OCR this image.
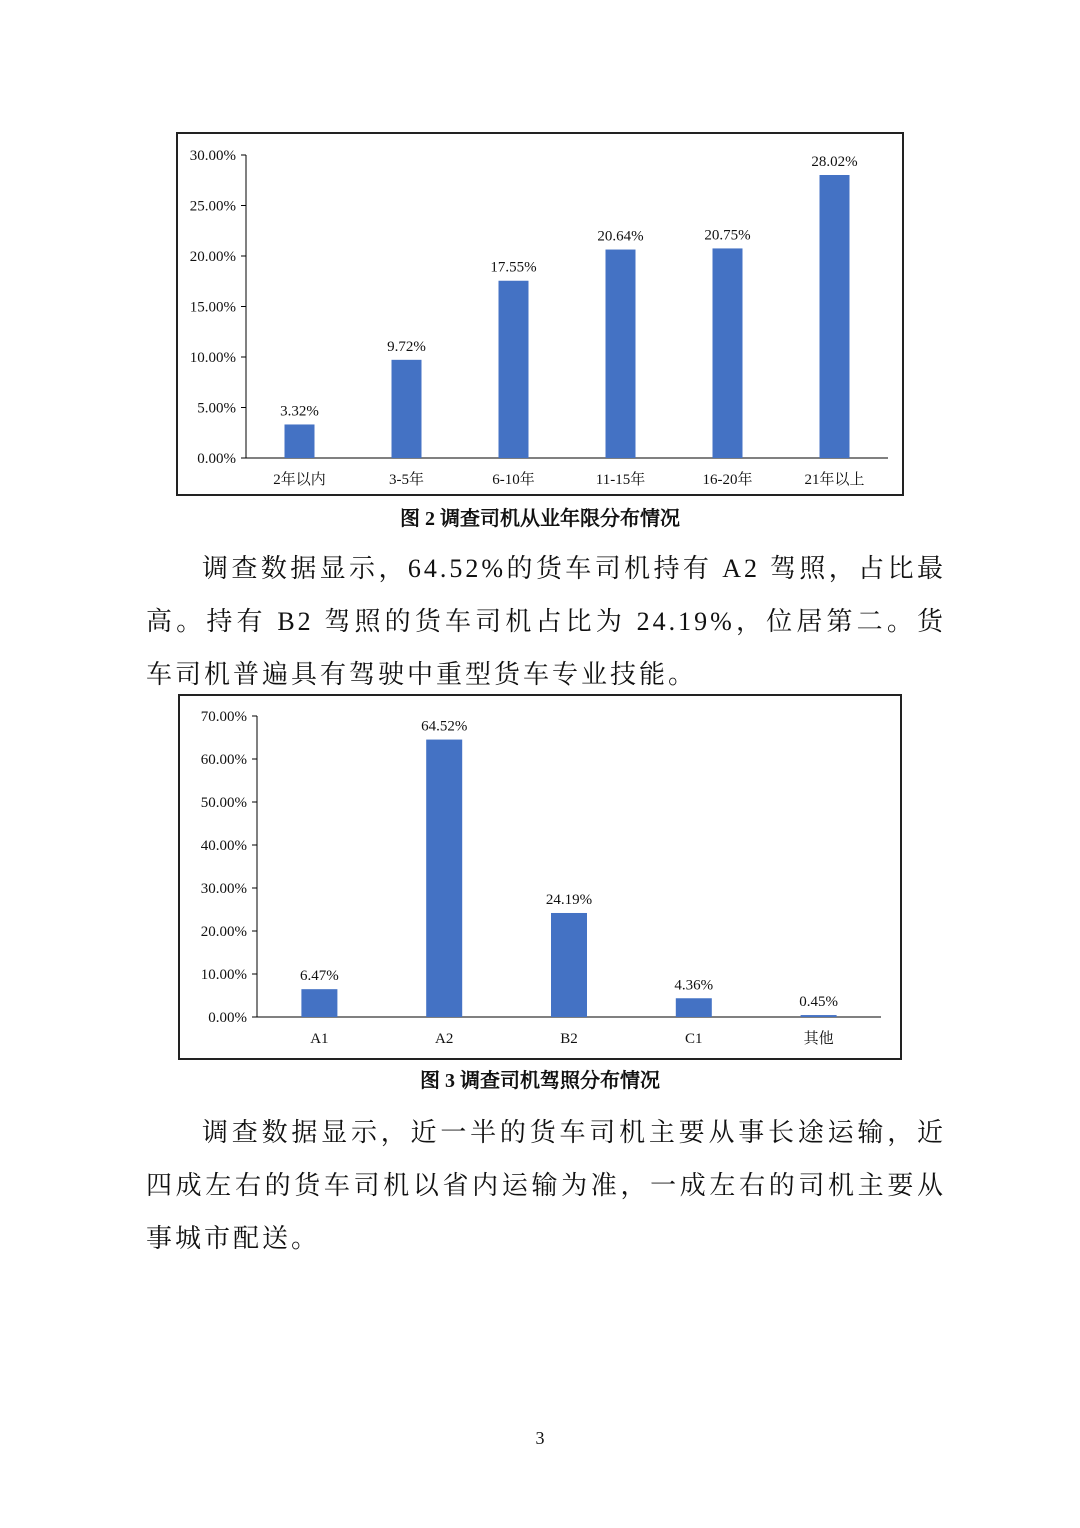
0.00%
5.00%
10.00%
15.00%
20.00%
25.00%
30.00%
3.32%
2年以内
9.72%
3-5年
17.55%
6-10年
20.64%
11-15年
20.75%
16-20年
28.02%
21年以上
图 2 调查司机从业年限分布情况

调查数据显示，64.52%的货车司机持有 A2 驾照，占比最高。持有 B2 驾照的货车司机占比为 24.19%，位居第二。货车司机普遍具有驾驶中重型货车专业技能。

0.00%
10.00%
20.00%
30.00%
40.00%
50.00%
60.00%
70.00%
6.47%
A1
64.52%
A2
24.19%
B2
4.36%
C1
0.45%
其他
图 3 调查司机驾照分布情况

调查数据显示，近一半的货车司机主要从事长途运输，近四成左右的货车司机以省内运输为准，一成左右的司机主要从事城市配送。

3
